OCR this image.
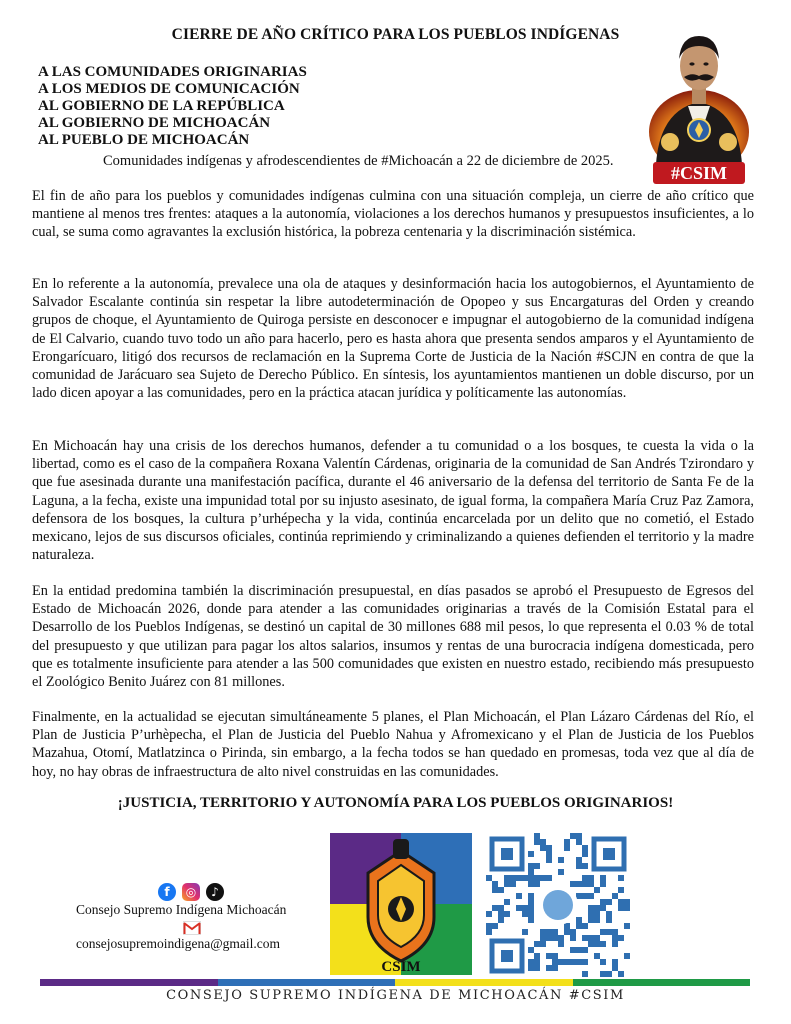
CIERRE DE AÑO CRÍTICO PARA LOS PUEBLOS INDÍGENAS
A LAS COMUNIDADES ORIGINARIAS
A LOS MEDIOS DE COMUNICACIÓN
AL GOBIERNO DE LA REPÚBLICA
AL GOBIERNO DE MICHOACÁN
AL PUEBLO DE MICHOACÁN
Comunidades indígenas y afrodescendientes de #Michoacán a 22 de diciembre de 2025.
#CSIM

El fin de año para los pueblos y comunidades indígenas culmina con una situación compleja, un cierre de año crítico que mantiene al menos tres frentes: ataques a la autonomía, violaciones a los derechos humanos y presupuestos insuficientes, a lo cual, se suma como agravantes la exclusión histórica, la pobreza centenaria y la discriminación sistémica.

En lo referente a la autonomía, prevalece una ola de ataques y desinformación hacia los autogobiernos, el Ayuntamiento de Salvador Escalante continúa sin respetar la libre autodeterminación de Opopeo y sus Encargaturas del Orden y creando grupos de choque, el Ayuntamiento de Quiroga persiste en desconocer e impugnar el autogobierno de la comunidad indígena de El Calvario, cuando tuvo todo un año para hacerlo, pero es hasta ahora que presenta sendos amparos y el Ayuntamiento de Erongarícuaro, litigó dos recursos de reclamación en la Suprema Corte de Justicia de la Nación #SCJN en contra de que la comunidad de Jarácuaro sea Sujeto de Derecho Público. En síntesis, los ayuntamientos mantienen un doble discurso, por un lado dicen apoyar a las comunidades, pero en la práctica atacan jurídica y políticamente las autonomías.

En Michoacán hay una crisis de los derechos humanos, defender a tu comunidad o a los bosques, te cuesta la vida o la libertad, como es el caso de la compañera Roxana Valentín Cárdenas, originaria de la comunidad de San Andrés Tzirondaro y que fue asesinada durante una manifestación pacífica, durante el 46 aniversario de la defensa del territorio de Santa Fe de la Laguna, a la fecha, existe una impunidad total por su injusto asesinato, de igual forma, la compañera María Cruz Paz Zamora, defensora de los bosques, la cultura p’urhépecha y la vida, continúa encarcelada por un delito que no cometió, el Estado mexicano, lejos de sus discursos oficiales, continúa reprimiendo y criminalizando a quienes defienden el territorio y la madre naturaleza.

En la entidad predomina también la discriminación presupuestal, en días pasados se aprobó el Presupuesto de Egresos del Estado de Michoacán 2026, donde para atender a las comunidades originarias a través de la Comisión Estatal para el Desarrollo de los Pueblos Indígenas, se destinó un capital de 30 millones 688 mil pesos, lo que representa el 0.03 % de total del presupuesto y que utilizan para pagar los altos salarios, insumos y rentas de una burocracia indígena domesticada, pero que es totalmente insuficiente para atender a las 500 comunidades que existen en nuestro estado, recibiendo más presupuesto el Zoológico Benito Juárez con 81 millones.

Finalmente, en la actualidad se ejecutan simultáneamente 5 planes, el Plan Michoacán, el Plan Lázaro Cárdenas del Río, el Plan de Justicia P’urhèpecha, el Plan de Justicia del Pueblo Nahua y Afromexicano y el Plan de Justicia de los Pueblos Mazahua, Otomí, Matlatzinca o Pirinda, sin embargo, a la fecha todos se han quedado en promesas, toda vez que al día de hoy, no hay obras de infraestructura de alto nivel construidas en las comunidades.

¡JUSTICIA, TERRITORIO Y AUTONOMÍA PARA LOS PUEBLOS ORIGINARIOS!
f	◎	♪
Consejo Supremo Indígena Michoacán
consejosupremoindigena@gmail.com
CSIM
CONSEJO SUPREMO INDÍGENA DE MICHOACÁN #CSIM
